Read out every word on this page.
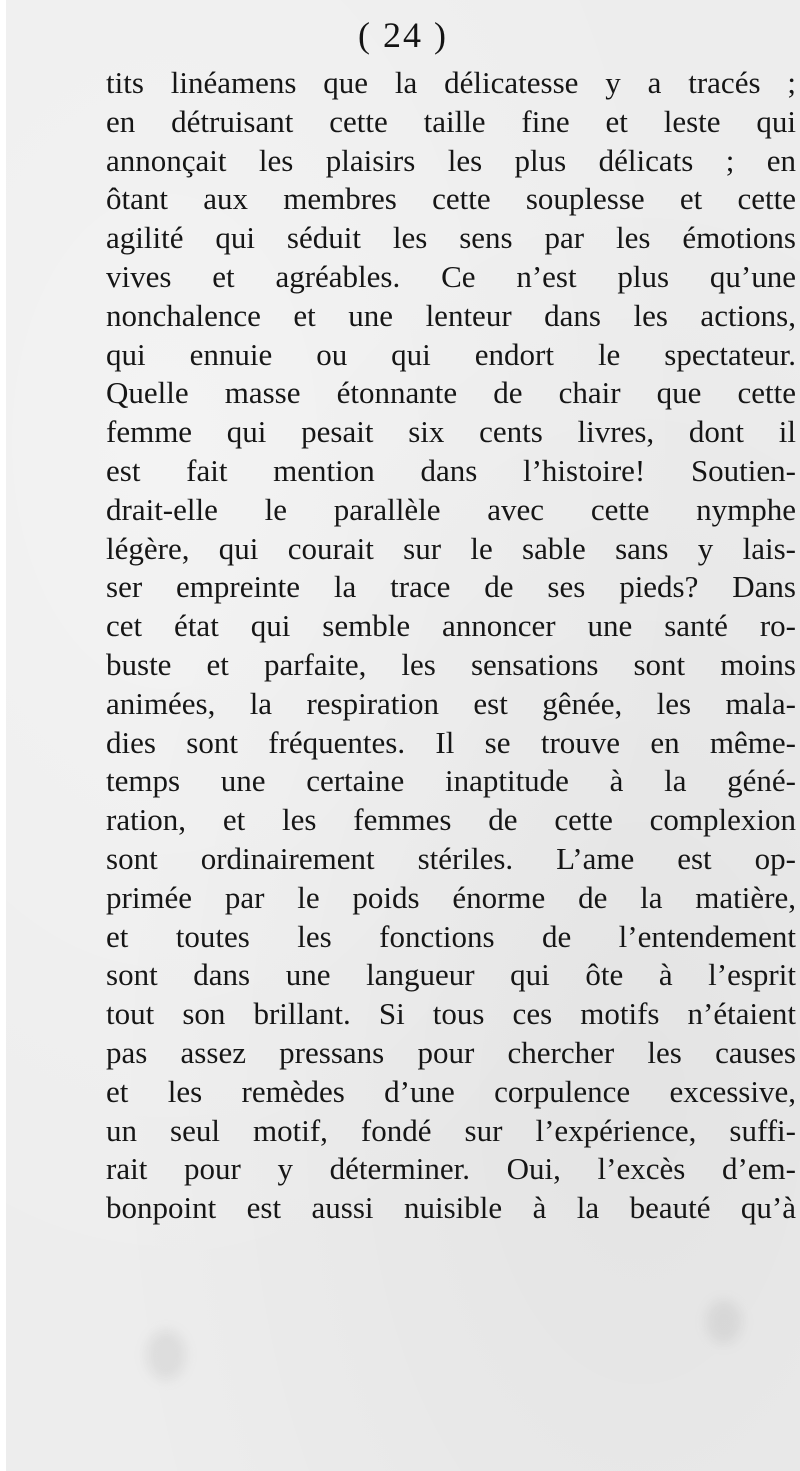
( 24 )
tits linéamens que la délicatesse y a tracés ;
en détruisant cette taille fine et leste qui
annonçait les plaisirs les plus délicats ; en
ôtant aux membres cette souplesse et cette
agilité qui séduit les sens par les émotions
vives et agréables. Ce n’est plus qu’une
nonchalence et une lenteur dans les actions,
qui ennuie ou qui endort le spectateur.
Quelle masse étonnante de chair que cette
femme qui pesait six cents livres, dont il
est fait mention dans l’histoire! Soutien-
drait-elle le parallèle avec cette nymphe
légère, qui courait sur le sable sans y lais-
ser empreinte la trace de ses pieds? Dans
cet état qui semble annoncer une santé ro-
buste et parfaite, les sensations sont moins
animées, la respiration est gênée, les mala-
dies sont fréquentes. Il se trouve en même-
temps une certaine inaptitude à la géné-
ration, et les femmes de cette complexion
sont ordinairement stériles. L’ame est op-
primée par le poids énorme de la matière,
et toutes les fonctions de l’entendement
sont dans une langueur qui ôte à l’esprit
tout son brillant. Si tous ces motifs n’étaient
pas assez pressans pour chercher les causes
et les remèdes d’une corpulence excessive,
un seul motif, fondé sur l’expérience, suffi-
rait pour y déterminer. Oui, l’excès d’em-
bonpoint est aussi nuisible à la beauté qu’à
